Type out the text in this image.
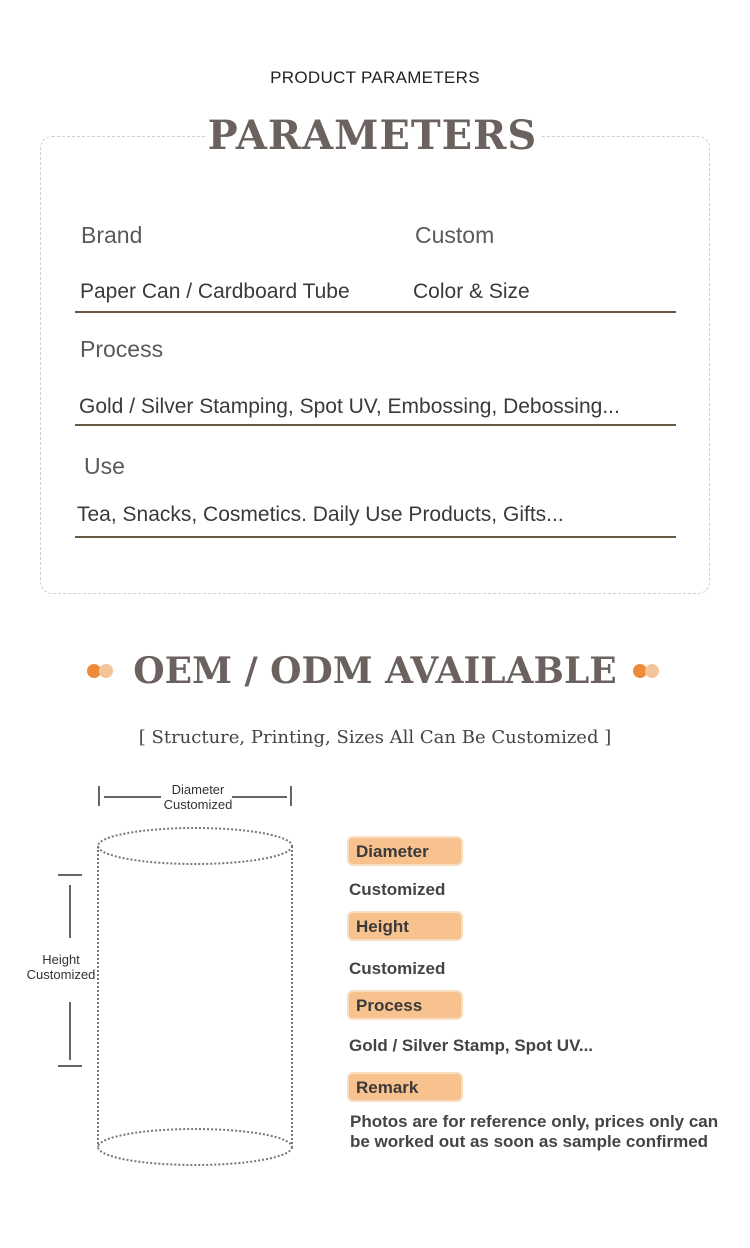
PRODUCT PARAMETERS
PARAMETERS
Brand	Custom
Paper Can / Cardboard Tube	Color & Size
Process
Gold / Silver Stamping, Spot UV, Embossing, Debossing...
Use
Tea, Snacks, Cosmetics. Daily Use Products, Gifts...
OEM / ODM AVAILABLE
[ Structure, Printing, Sizes All Can Be Customized ]
Diameter
Customized
Height
Customized
Diameter
Customized
Height
Customized
Process
Gold / Silver Stamp, Spot UV...
Remark
Photos are for reference only, prices only can be worked out as soon as sample confirmed
